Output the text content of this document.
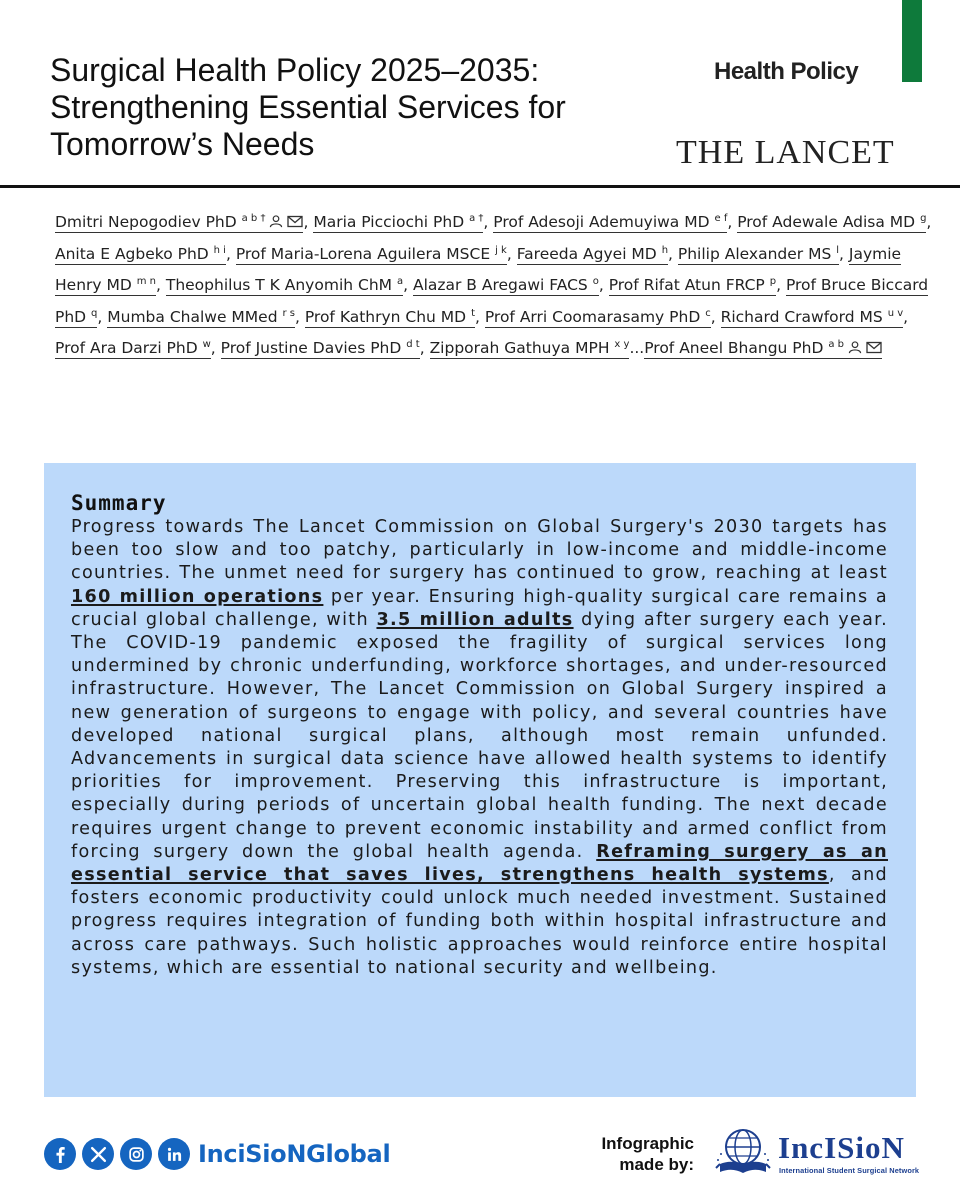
Surgical Health Policy 2025–2035:
Strengthening Essential Services for
Tomorrow’s Needs
Health Policy
THE LANCET
Dmitri Nepogodiev PhD $^{a b \dagger}$ , Maria Picciochi PhD $^{a \dagger}$, Prof Adesoji Ademuyiwa MD $^{e f}$, Prof Adewale Adisa MD $^g$, Anita E Agbeko PhD $^{h i}$, Prof Maria-Lorena Aguilera MSCE $^{j k}$, Fareeda Agyei MD $^h$, Philip Alexander MS $^l$, Jaymie Henry MD $^{m n}$, Theophilus T K Anyomih ChM $^a$, Alazar B Aregawi FACS $^o$, Prof Rifat Atun FRCP $^p$, Prof Bruce Biccard PhD $^q$, Mumba Chalwe MMed $^{r s}$, Prof Kathryn Chu MD $^t$, Prof Arri Coomarasamy PhD $^c$, Richard Crawford MS $^{u v}$, Prof Ara Darzi PhD $^w$, Prof Justine Davies PhD $^{d t}$, Zipporah Gathuya MPH $^{x y}$...Prof Aneel Bhangu PhD $^{a b}$
Summary

Progress towards The Lancet Commission on Global Surgery's 2030 targets has been too slow and too patchy, particularly in low-income and middle-income countries. The unmet need for surgery has continued to grow, reaching at least 160 million operations per year. Ensuring high-quality surgical care remains a crucial global challenge, with 3.5 million adults dying after surgery each year. The COVID-19 pandemic exposed the fragility of surgical services long undermined by chronic underfunding, workforce shortages, and under-resourced infrastructure. However, The Lancet Commission on Global Surgery inspired a new generation of surgeons to engage with policy, and several countries have developed national surgical plans, although most remain unfunded. Advancements in surgical data science have allowed health systems to identify priorities for improvement. Preserving this infrastructure is important, especially during periods of uncertain global health funding. The next decade requires urgent change to prevent economic instability and armed conflict from forcing surgery down the global health agenda. Reframing surgery as an essential service that saves lives, strengthens health systems, and fosters economic productivity could unlock much needed investment. Sustained progress requires integration of funding both within hospital infrastructure and across care pathways. Such holistic approaches would reinforce entire hospital systems, which are essential to national security and wellbeing.

InciSioNGlobal	Infographic
made by:	IncISioN
International Student Surgical Network
